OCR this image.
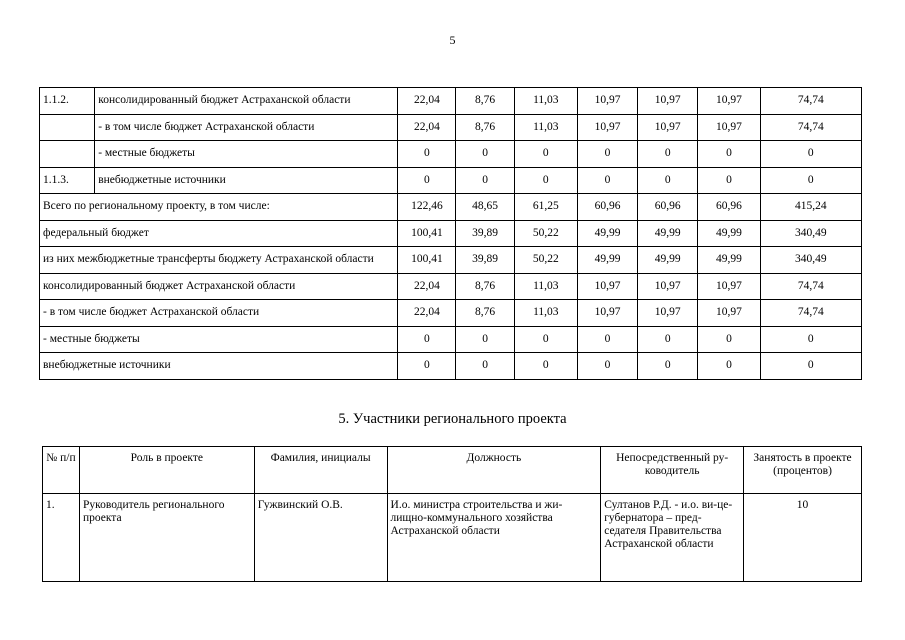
5
1.1.2.	консолидированный бюджет Астраханской области	22,04	8,76	11,03	10,97	10,97	10,97	74,74
	- в том числе бюджет Астраханской области	22,04	8,76	11,03	10,97	10,97	10,97	74,74
	- местные бюджеты	0	0	0	0	0	0	0
1.1.3.	внебюджетные источники	0	0	0	0	0	0	0
Всего по региональному проекту, в том числе:		122,46	48,65	61,25	60,96	60,96	60,96	415,24
федеральный бюджет		100,41	39,89	50,22	49,99	49,99	49,99	340,49
из них межбюджетные трансферты бюджету Астраханской области		100,41	39,89	50,22	49,99	49,99	49,99	340,49
консолидированный бюджет Астраханской области		22,04	8,76	11,03	10,97	10,97	10,97	74,74
- в том числе бюджет Астраханской области		22,04	8,76	11,03	10,97	10,97	10,97	74,74
- местные бюджеты		0	0	0	0	0	0	0
внебюджетные источники		0	0	0	0	0	0	0
5. Участники регионального проекта
№ п/п	Роль в проекте	Фамилия, инициалы	Должность	Непосредственный ру-ководитель	Занятость в проекте (процентов)
1.	Руководитель регионального проекта	Гужвинский О.В.	И.о. министра строительства и жи-лищно-коммунального хозяйства Астраханской области	Султанов Р.Д. - и.о. ви-це-губернатора – пред-седателя Правительства Астраханской области	10
